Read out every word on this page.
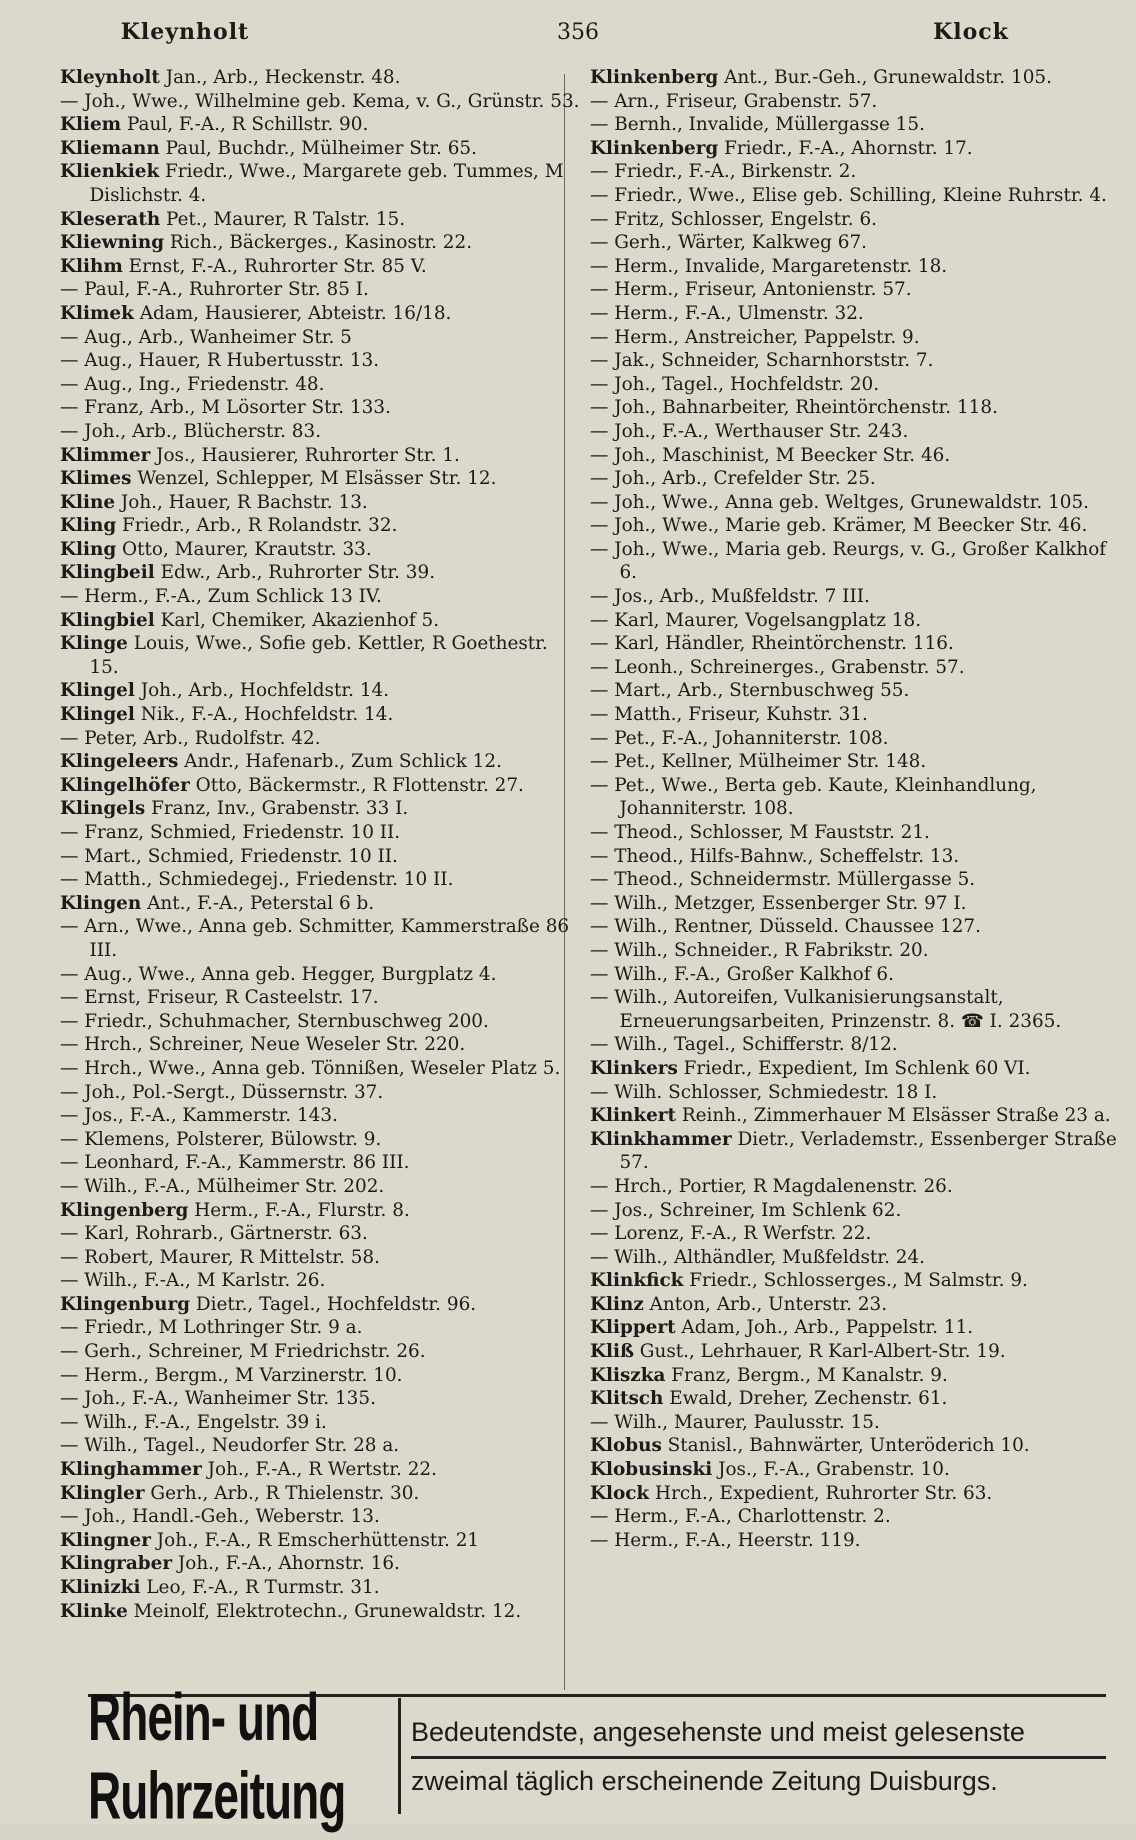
Kleynholt	356	Klock

Kleynholt Jan., Arb., Heckenstr. 48.

— Joh., Wwe., Wilhelmine geb. Kema, v. G., Grünstr. 53.

Kliem Paul, F.-A., R Schillstr. 90.

Kliemann Paul, Buchdr., Mülheimer Str. 65.

Klienkiek Friedr., Wwe., Margarete geb. Tummes, M Dislichstr. 4.

Kleserath Pet., Maurer, R Talstr. 15.

Kliewning Rich., Bäckerges., Kasinostr. 22.

Klihm Ernst, F.-A., Ruhrorter Str. 85 V.

— Paul, F.-A., Ruhrorter Str. 85 I.

Klimek Adam, Hausierer, Abteistr. 16/18.

— Aug., Arb., Wanheimer Str. 5

— Aug., Hauer, R Hubertusstr. 13.

— Aug., Ing., Friedenstr. 48.

— Franz, Arb., M Lösorter Str. 133.

— Joh., Arb., Blücherstr. 83.

Klimmer Jos., Hausierer, Ruhrorter Str. 1.

Klimes Wenzel, Schlepper, M Elsässer Str. 12.

Kline Joh., Hauer, R Bachstr. 13.

Kling Friedr., Arb., R Rolandstr. 32.

Kling Otto, Maurer, Krautstr. 33.

Klingbeil Edw., Arb., Ruhrorter Str. 39.

— Herm., F.-A., Zum Schlick 13 IV.

Klingbiel Karl, Chemiker, Akazienhof 5.

Klinge Louis, Wwe., Sofie geb. Kettler, R Goethestr. 15.

Klingel Joh., Arb., Hochfeldstr. 14.

Klingel Nik., F.-A., Hochfeldstr. 14.

— Peter, Arb., Rudolfstr. 42.

Klingeleers Andr., Hafenarb., Zum Schlick 12.

Klingelhöfer Otto, Bäckermstr., R Flottenstr. 27.

Klingels Franz, Inv., Grabenstr. 33 I.

— Franz, Schmied, Friedenstr. 10 II.

— Mart., Schmied, Friedenstr. 10 II.

— Matth., Schmiedegej., Friedenstr. 10 II.

Klingen Ant., F.-A., Peterstal 6 b.

— Arn., Wwe., Anna geb. Schmitter, Kammerstraße 86 III.

— Aug., Wwe., Anna geb. Hegger, Burgplatz 4.

— Ernst, Friseur, R Casteelstr. 17.

— Friedr., Schuhmacher, Sternbuschweg 200.

— Hrch., Schreiner, Neue Weseler Str. 220.

— Hrch., Wwe., Anna geb. Tönnißen, Weseler Platz 5.

— Joh., Pol.-Sergt., Düssernstr. 37.

— Jos., F.-A., Kammerstr. 143.

— Klemens, Polsterer, Bülowstr. 9.

— Leonhard, F.-A., Kammerstr. 86 III.

— Wilh., F.-A., Mülheimer Str. 202.

Klingenberg Herm., F.-A., Flurstr. 8.

— Karl, Rohrarb., Gärtnerstr. 63.

— Robert, Maurer, R Mittelstr. 58.

— Wilh., F.-A., M Karlstr. 26.

Klingenburg Dietr., Tagel., Hochfeldstr. 96.

— Friedr., M Lothringer Str. 9 a.

— Gerh., Schreiner, M Friedrichstr. 26.

— Herm., Bergm., M Varzinerstr. 10.

— Joh., F.-A., Wanheimer Str. 135.

— Wilh., F.-A., Engelstr. 39 i.

— Wilh., Tagel., Neudorfer Str. 28 a.

Klinghammer Joh., F.-A., R Wertstr. 22.

Klingler Gerh., Arb., R Thielenstr. 30.

— Joh., Handl.-Geh., Weberstr. 13.

Klingner Joh., F.-A., R Emscherhüttenstr. 21

Klingraber Joh., F.-A., Ahornstr. 16.

Klinizki Leo, F.-A., R Turmstr. 31.

Klinke Meinolf, Elektrotechn., Grunewaldstr. 12.

Klinkenberg Ant., Bur.-Geh., Grunewaldstr. 105.

— Arn., Friseur, Grabenstr. 57.

— Bernh., Invalide, Müllergasse 15.

Klinkenberg Friedr., F.-A., Ahornstr. 17.

— Friedr., F.-A., Birkenstr. 2.

— Friedr., Wwe., Elise geb. Schilling, Kleine Ruhrstr. 4.

— Fritz, Schlosser, Engelstr. 6.

— Gerh., Wärter, Kalkweg 67.

— Herm., Invalide, Margaretenstr. 18.

— Herm., Friseur, Antonienstr. 57.

— Herm., F.-A., Ulmenstr. 32.

— Herm., Anstreicher, Pappelstr. 9.

— Jak., Schneider, Scharnhorststr. 7.

— Joh., Tagel., Hochfeldstr. 20.

— Joh., Bahnarbeiter, Rheintörchenstr. 118.

— Joh., F.-A., Werthauser Str. 243.

— Joh., Maschinist, M Beecker Str. 46.

— Joh., Arb., Crefelder Str. 25.

— Joh., Wwe., Anna geb. Weltges, Grunewaldstr. 105.

— Joh., Wwe., Marie geb. Krämer, M Beecker Str. 46.

— Joh., Wwe., Maria geb. Reurgs, v. G., Großer Kalkhof 6.

— Jos., Arb., Mußfeldstr. 7 III.

— Karl, Maurer, Vogelsangplatz 18.

— Karl, Händler, Rheintörchenstr. 116.

— Leonh., Schreinerges., Grabenstr. 57.

— Mart., Arb., Sternbuschweg 55.

— Matth., Friseur, Kuhstr. 31.

— Pet., F.-A., Johanniterstr. 108.

— Pet., Kellner, Mülheimer Str. 148.

— Pet., Wwe., Berta geb. Kaute, Kleinhandlung, Johanniterstr. 108.

— Theod., Schlosser, M Fauststr. 21.

— Theod., Hilfs-Bahnw., Scheffelstr. 13.

— Theod., Schneidermstr. Müllergasse 5.

— Wilh., Metzger, Essenberger Str. 97 I.

— Wilh., Rentner, Düsseld. Chaussee 127.

— Wilh., Schneider., R Fabrikstr. 20.

— Wilh., F.-A., Großer Kalkhof 6.

— Wilh., Autoreifen, Vulkanisierungsanstalt, Erneuerungsarbeiten, Prinzenstr. 8. ☎ I. 2365.

— Wilh., Tagel., Schifferstr. 8/12.

Klinkers Friedr., Expedient, Im Schlenk 60 VI.

— Wilh. Schlosser, Schmiedestr. 18 I.

Klinkert Reinh., Zimmerhauer M Elsässer Straße 23 a.

Klinkhammer Dietr., Verlademstr., Essenberger Straße 57.

— Hrch., Portier, R Magdalenenstr. 26.

— Jos., Schreiner, Im Schlenk 62.

— Lorenz, F.-A., R Werfstr. 22.

— Wilh., Althändler, Mußfeldstr. 24.

Klinkfick Friedr., Schlosserges., M Salmstr. 9.

Klinz Anton, Arb., Unterstr. 23.

Klippert Adam, Joh., Arb., Pappelstr. 11.

Kliß Gust., Lehrhauer, R Karl-Albert-Str. 19.

Kliszka Franz, Bergm., M Kanalstr. 9.

Klitsch Ewald, Dreher, Zechenstr. 61.

— Wilh., Maurer, Paulusstr. 15.

Klobus Stanisl., Bahnwärter, Unteröderich 10.

Klobusinski Jos., F.-A., Grabenstr. 10.

Klock Hrch., Expedient, Ruhrorter Str. 63.

— Herm., F.-A., Charlottenstr. 2.

— Herm., F.-A., Heerstr. 119.

Rhein- und Ruhrzeitung
Bedeutendste, angesehenste und meist gelesenste
zweimal täglich erscheinende Zeitung Duisburgs.
